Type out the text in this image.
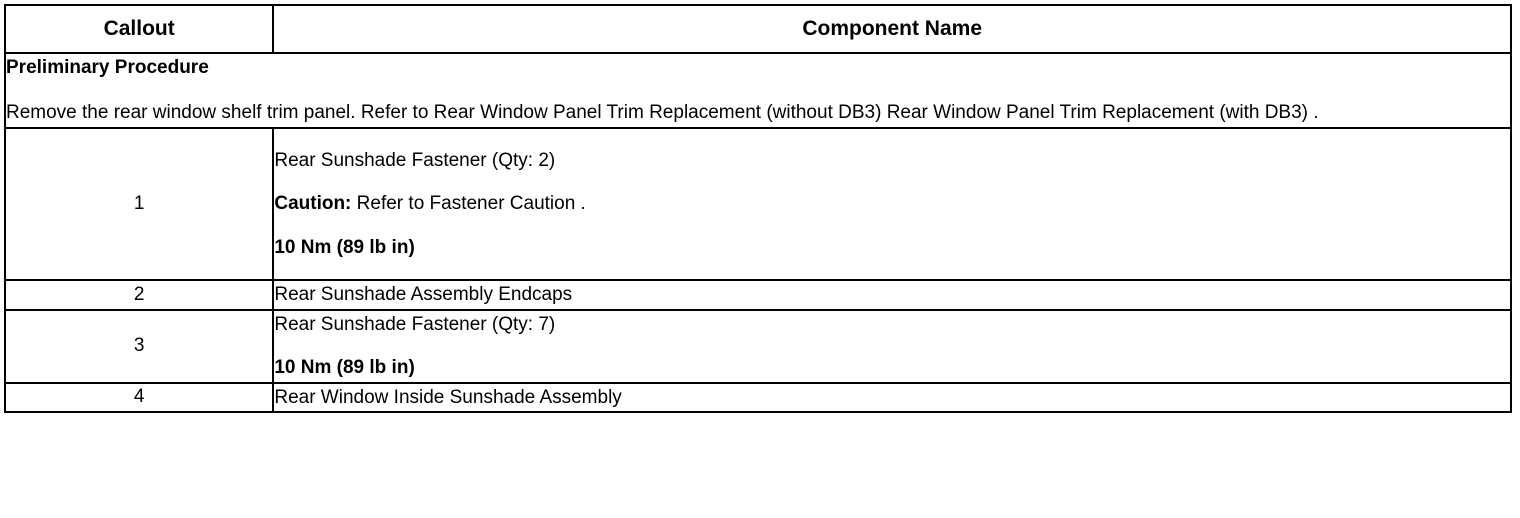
Callout	Component Name

Preliminary Procedure
Remove the rear window shelf trim panel. Refer to Rear Window Panel Trim Replacement (without DB3) Rear Window Panel Trim Replacement (with DB3) .	

1	Rear Sunshade Fastener (Qty: 2)
Caution: Refer to Fastener Caution .
10 Nm (89 lb in)

2	Rear Sunshade Assembly Endcaps

3	Rear Sunshade Fastener (Qty: 7)
10 Nm (89 lb in)

4	Rear Window Inside Sunshade Assembly
